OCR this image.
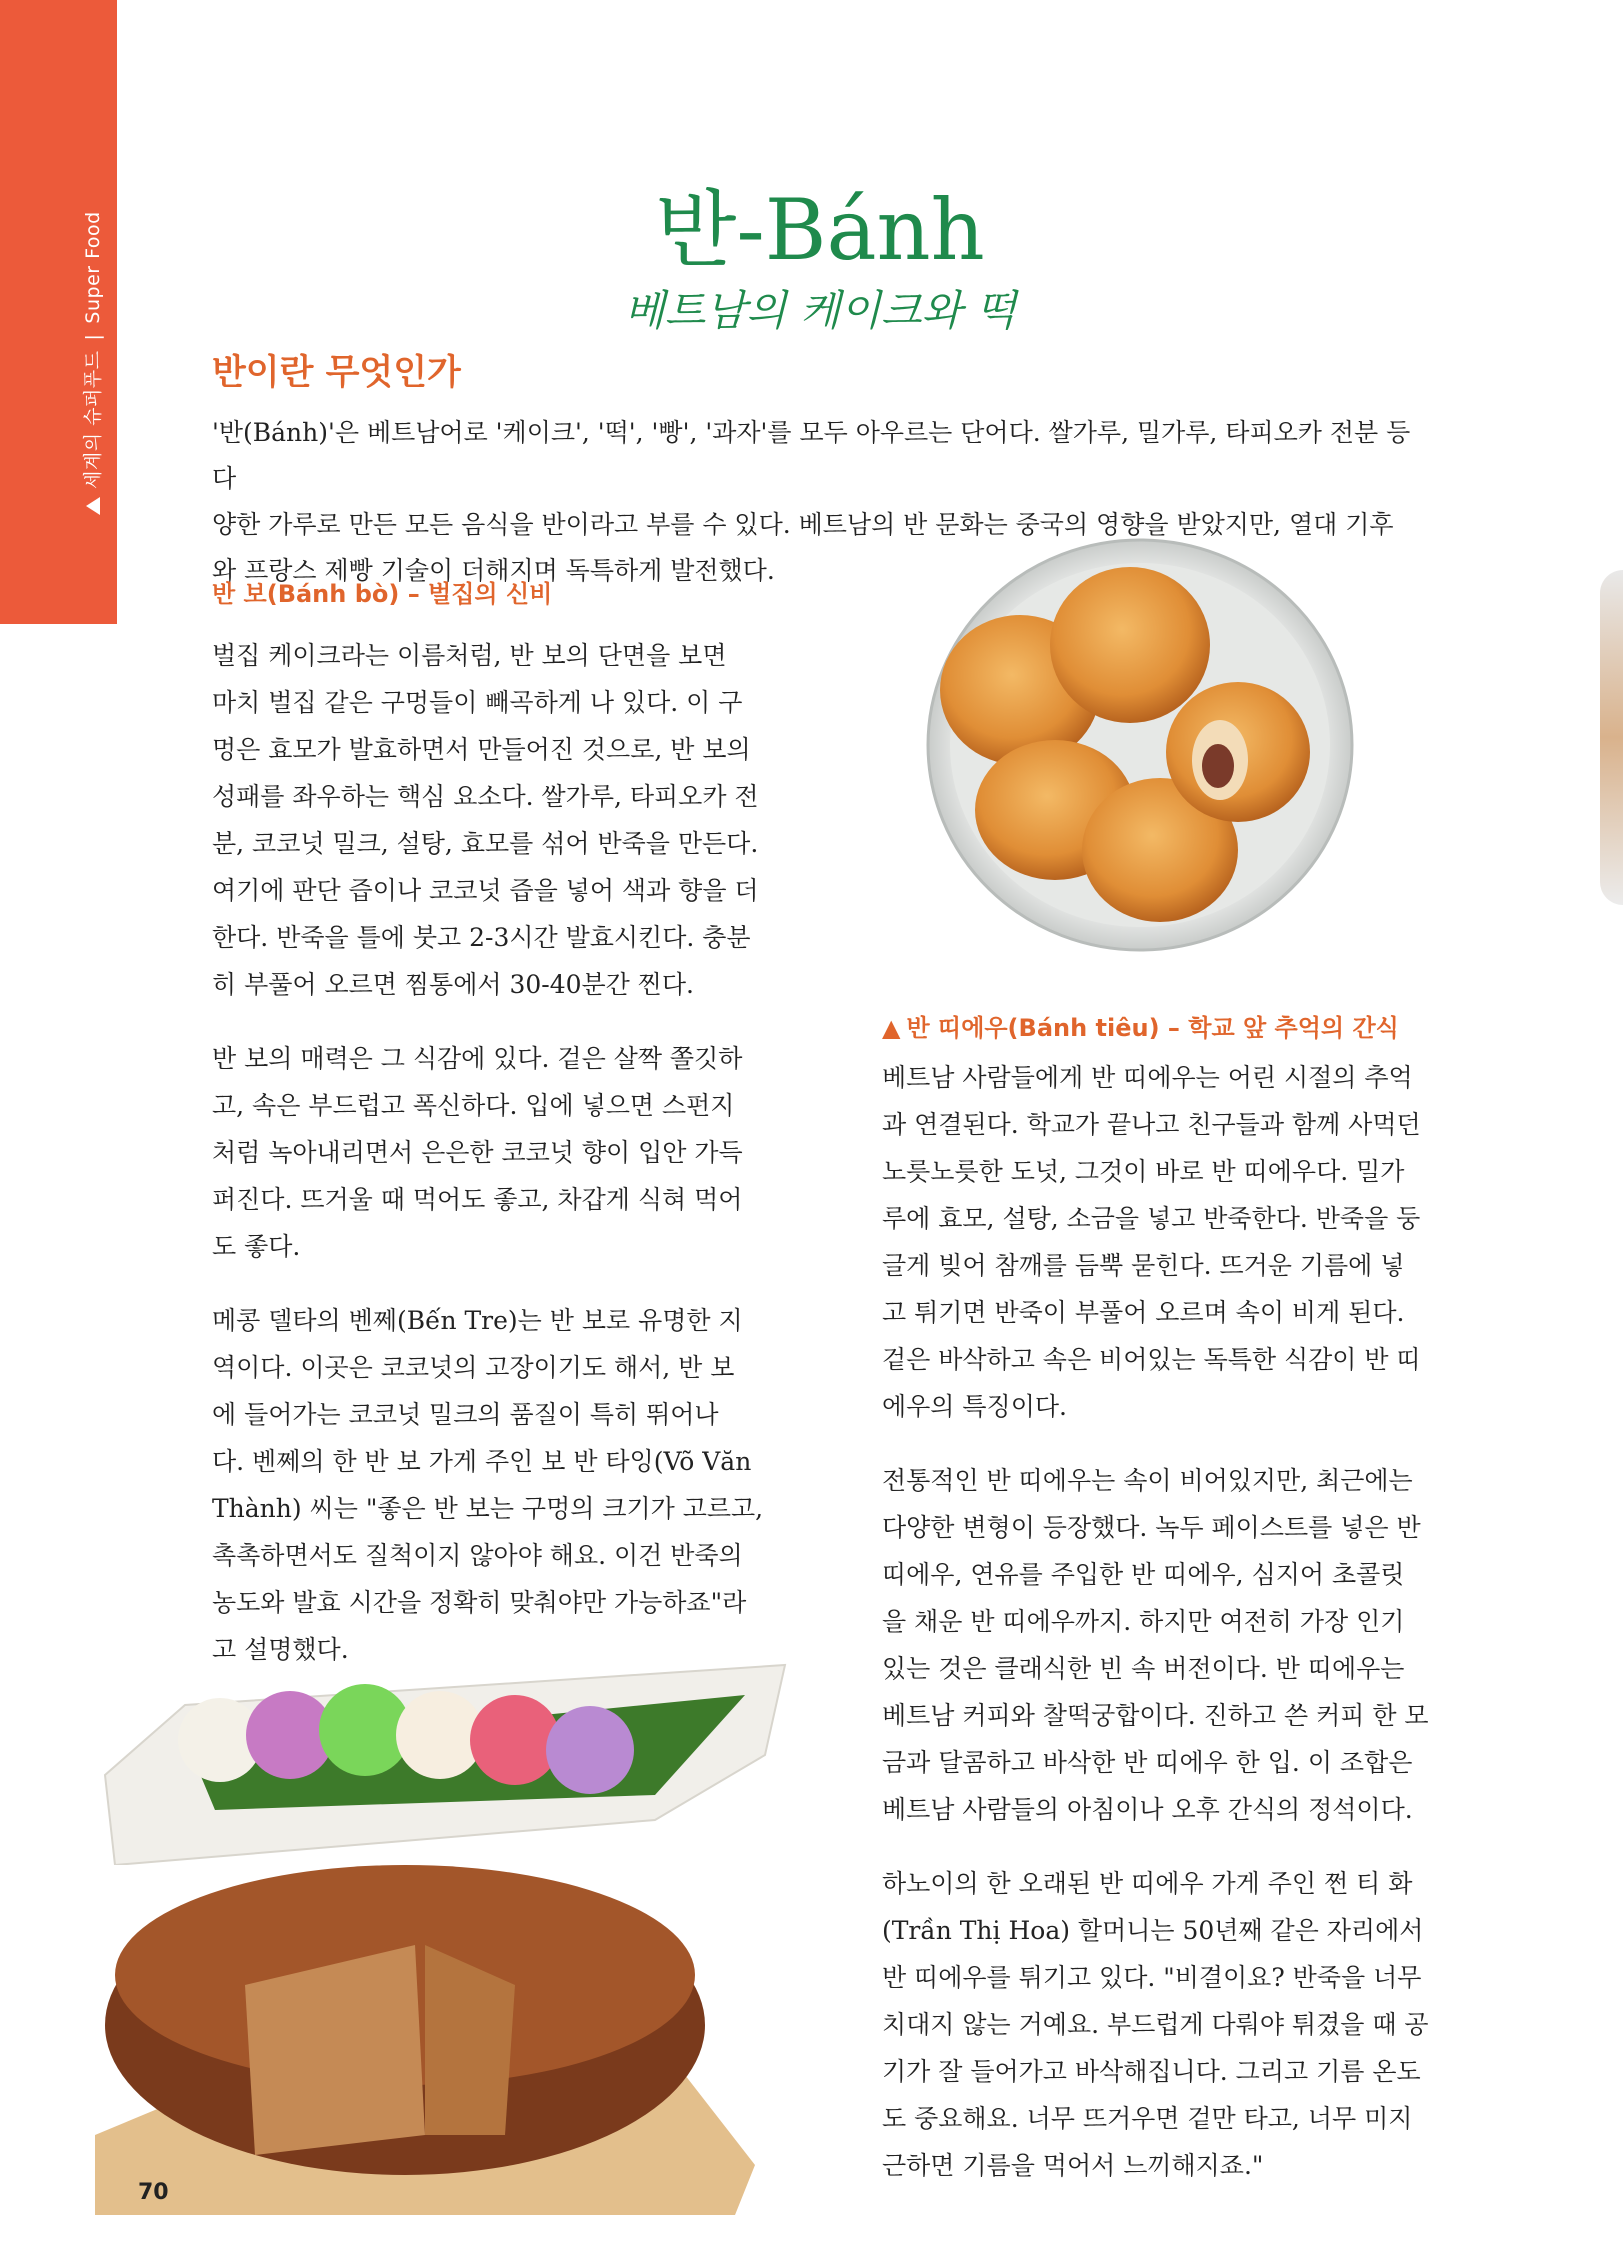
세계의 슈퍼푸드|Super Food	반-Bánh
베트남의 케이크와 떡
반이란 무엇인가
'반(Bánh)'은 베트남어로 '케이크', '떡', '빵', '과자'를 모두 아우르는 단어다. 쌀가루, 밀가루, 타피오카 전분 등 다
양한 가루로 만든 모든 음식을 반이라고 부를 수 있다. 베트남의 반 문화는 중국의 영향을 받았지만, 열대 기후
와 프랑스 제빵 기술이 더해지며 독특하게 발전했다.
반 보(Bánh bò) – 벌집의 신비

벌집 케이크라는 이름처럼, 반 보의 단면을 보면
마치 벌집 같은 구멍들이 빼곡하게 나 있다. 이 구
멍은 효모가 발효하면서 만들어진 것으로, 반 보의
성패를 좌우하는 핵심 요소다. 쌀가루, 타피오카 전
분, 코코넛 밀크, 설탕, 효모를 섞어 반죽을 만든다.
여기에 판단 즙이나 코코넛 즙을 넣어 색과 향을 더
한다. 반죽을 틀에 붓고 2-3시간 발효시킨다. 충분
히 부풀어 오르면 찜통에서 30-40분간 찐다.

반 보의 매력은 그 식감에 있다. 겉은 살짝 쫄깃하
고, 속은 부드럽고 폭신하다. 입에 넣으면 스펀지
처럼 녹아내리면서 은은한 코코넛 향이 입안 가득
퍼진다. 뜨거울 때 먹어도 좋고, 차갑게 식혀 먹어
도 좋다.

메콩 델타의 벤쩨(Bến Tre)는 반 보로 유명한 지
역이다. 이곳은 코코넛의 고장이기도 해서, 반 보
에 들어가는 코코넛 밀크의 품질이 특히 뛰어나
다. 벤쩨의 한 반 보 가게 주인 보 반 타잉(Võ Văn
Thành) 씨는 "좋은 반 보는 구멍의 크기가 고르고,
촉촉하면서도 질척이지 않아야 해요. 이건 반죽의
농도와 발효 시간을 정확히 맞춰야만 가능하죠"라
고 설명했다.

▲ 반 띠에우(Bánh tiêu) – 학교 앞 추억의 간식

베트남 사람들에게 반 띠에우는 어린 시절의 추억
과 연결된다. 학교가 끝나고 친구들과 함께 사먹던
노릇노릇한 도넛, 그것이 바로 반 띠에우다. 밀가
루에 효모, 설탕, 소금을 넣고 반죽한다. 반죽을 둥
글게 빚어 참깨를 듬뿍 묻힌다. 뜨거운 기름에 넣
고 튀기면 반죽이 부풀어 오르며 속이 비게 된다.
겉은 바삭하고 속은 비어있는 독특한 식감이 반 띠
에우의 특징이다.

전통적인 반 띠에우는 속이 비어있지만, 최근에는
다양한 변형이 등장했다. 녹두 페이스트를 넣은 반
띠에우, 연유를 주입한 반 띠에우, 심지어 초콜릿
을 채운 반 띠에우까지. 하지만 여전히 가장 인기
있는 것은 클래식한 빈 속 버전이다. 반 띠에우는
베트남 커피와 찰떡궁합이다. 진하고 쓴 커피 한 모
금과 달콤하고 바삭한 반 띠에우 한 입. 이 조합은
베트남 사람들의 아침이나 오후 간식의 정석이다.

하노이의 한 오래된 반 띠에우 가게 주인 쩐 티 화
(Trần Thị Hoa) 할머니는 50년째 같은 자리에서
반 띠에우를 튀기고 있다. "비결이요? 반죽을 너무
치대지 않는 거예요. 부드럽게 다뤄야 튀겼을 때 공
기가 잘 들어가고 바삭해집니다. 그리고 기름 온도
도 중요해요. 너무 뜨거우면 겉만 타고, 너무 미지
근하면 기름을 먹어서 느끼해지죠."

70
